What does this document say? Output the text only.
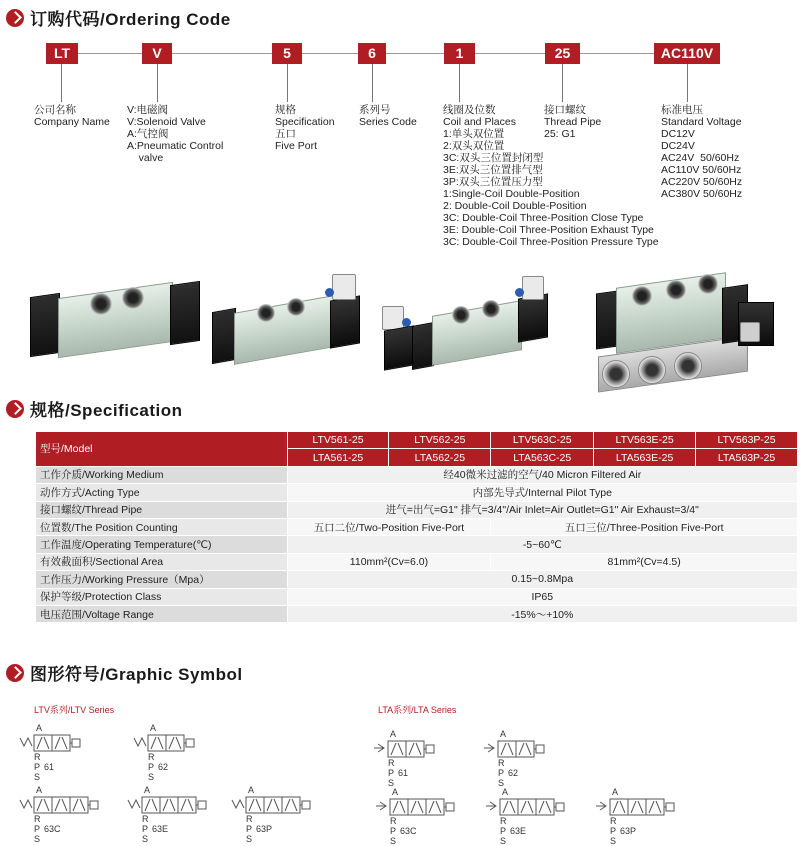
订购代码/Ordering Code
LT	V	5	6	1	25	AC110V
公司名称
Company Name
V:电磁阀
V:Solenoid Valve
A:气控阀
A:Pneumatic Control
valve
规格
Specification
五口
Five Port
系列号
Series Code
线圈及位数
Coil and Places
1:单头双位置
2:双头双位置
3C:双头三位置封闭型
3E:双头三位置排气型
3P:双头三位置压力型
1:Single-Coil Double-Position
2: Double-Coil Double-Position
3C: Double-Coil Three-Position Close Type
3E: Double-Coil Three-Position Exhaust Type
3C: Double-Coil Three-Position Pressure Type
接口螺纹
Thread Pipe
25: G1
标准电压
Standard Voltage
DC12V
DC24V
AC24V  50/60Hz
AC110V 50/60Hz
AC220V 50/60Hz
AC380V 50/60Hz
规格/Specification
型号/Model	LTV561-25	LTV562-25	LTV563C-25	LTV563E-25	LTV563P-25
	LTA561-25	LTA562-25	LTA563C-25	LTA563E-25	LTA563P-25
工作介质/Working Medium	经40微米过滤的空气/40 Micron Filtered Air				
动作方式/Acting Type	内部先导式/Internal Pilot Type				
接口螺纹/Thread Pipe	进气=出气=G1" 排气=3/4"/Air Inlet=Air Outlet=G1" Air Exhaust=3/4"				
位置数/The Position Counting	五口二位/Two-Position Five-Port		五口三位/Three-Position Five-Port		
工作温度/Operating Temperature(℃)	-5~60℃				
有效截面积/Sectional Area	110mm²(Cv=6.0)		81mm²(Cv=4.5)		
工作压力/Working Pressure（Mpa）	0.15~0.8Mpa				
保护等级/Protection Class	IP65				
电压范围/Voltage Range	-15%～+10%				
图形符号/Graphic Symbol
LTV系列/LTV Series	LTA系列/LTA Series
A
R P S
61
A
R P S
62
A
R P S
63C
A
R P S
63E
A
R P S
63P
A
R P S
61
A
R P S
62
A
R P S
63C
A
R P S
63E
A
R P S
63P
